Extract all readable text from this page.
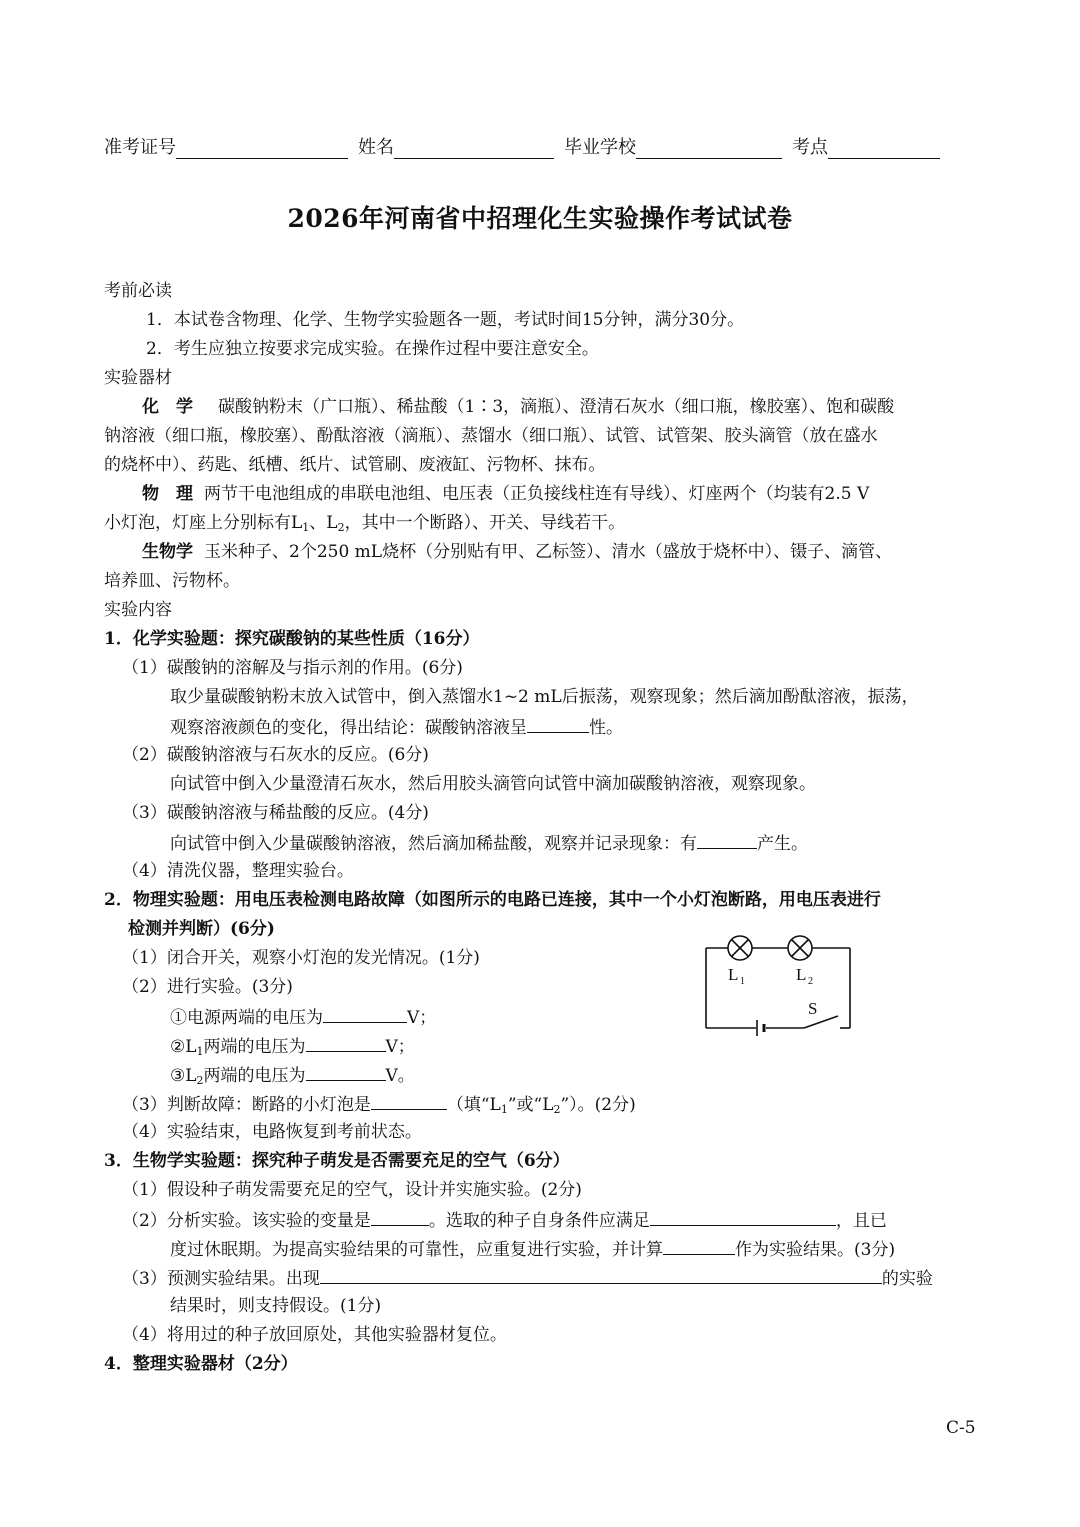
准考证号	姓名	毕业学校	考点
2026年河南省中招理化生实验操作考试试卷
考前必读
1．本试卷含物理、化学、生物学实验题各一题，考试时间15分钟，满分30分。
2．考生应独立按要求完成实验。在操作过程中要注意安全。
实验器材
化　学 碳酸钠粉末（广口瓶）、稀盐酸（1∶3，滴瓶）、澄清石灰水（细口瓶，橡胶塞）、饱和碳酸
钠溶液（细口瓶，橡胶塞）、酚酞溶液（滴瓶）、蒸馏水（细口瓶）、试管、试管架、胶头滴管（放在盛水
的烧杯中）、药匙、纸槽、纸片、试管刷、废液缸、污物杯、抹布。
物　理 两节干电池组成的串联电池组、电压表（正负接线柱连有导线）、灯座两个（均装有2.5 V
小灯泡，灯座上分别标有$L_1$、$L_2$，其中一个断路）、开关、导线若干。
生物学 玉米种子、2个250 mL烧杯（分别贴有甲、乙标签）、清水（盛放于烧杯中）、镊子、滴管、
培养皿、污物杯。
实验内容
1．化学实验题：探究碳酸钠的某些性质（16分）
（1）碳酸钠的溶解及与指示剂的作用。(6分)
取少量碳酸钠粉末放入试管中，倒入蒸馏水1~2 mL后振荡，观察现象；然后滴加酚酞溶液，振荡，
观察溶液颜色的变化，得出结论：碳酸钠溶液呈	性。
（2）碳酸钠溶液与石灰水的反应。(6分)
向试管中倒入少量澄清石灰水，然后用胶头滴管向试管中滴加碳酸钠溶液，观察现象。
（3）碳酸钠溶液与稀盐酸的反应。(4分)
向试管中倒入少量碳酸钠溶液，然后滴加稀盐酸，观察并记录现象：有	产生。
（4）清洗仪器，整理实验台。
2．物理实验题：用电压表检测电路故障（如图所示的电路已连接，其中一个小灯泡断路，用电压表进行
检测并判断）(6分)
（1）闭合开关，观察小灯泡的发光情况。(1分)
（2）进行实验。(3分)
①电源两端的电压为	V；
$②L_1$两端的电压为	V；
$③L_2$两端的电压为	V。
（3）判断故障：断路的小灯泡是	（填“$L_1$”或“$L_2$”）。(2分)
（4）实验结束，电路恢复到考前状态。
L 1	L 2
S
3．生物学实验题：探究种子萌发是否需要充足的空气（6分）
（1）假设种子萌发需要充足的空气，设计并实施实验。(2分)
（2）分析实验。该实验的变量是	。选取的种子自身条件应满足	，且已
度过休眠期。为提高实验结果的可靠性，应重复进行实验，并计算	作为实验结果。(3分)
（3）预测实验结果。出现	的实验
结果时，则支持假设。(1分)
（4）将用过的种子放回原处，其他实验器材复位。
4．整理实验器材（2分）
C-5
